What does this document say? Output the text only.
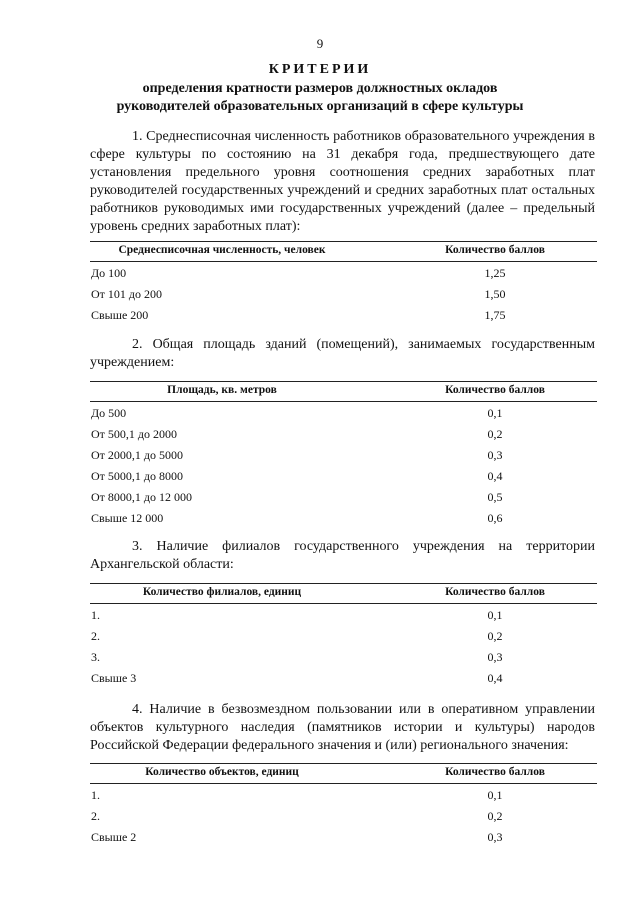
9
КРИТЕРИИ
определения кратности размеров должностных окладов
руководителей образовательных организаций в сфере культуры
1. Среднесписочная численность работников образовательного учреждения в сфере культуры по состоянию на 31 декабря года, предшествующего дате установления предельного уровня соотношения средних заработных плат руководителей государственных учреждений и средних заработных плат остальных работников руководимых ими государственных учреждений (далее – предельный уровень средних заработных плат):
Среднесписочная численность, человек	Количество баллов
До 100	1,25
От 101 до 200	1,50
Свыше 200	1,75
2. Общая площадь зданий (помещений), занимаемых государственным учреждением:
Площадь, кв. метров	Количество баллов
До 500	0,1
От 500,1 до 2000	0,2
От 2000,1 до 5000	0,3
От 5000,1 до 8000	0,4
От 8000,1 до 12 000	0,5
Свыше 12 000	0,6
3. Наличие филиалов государственного учреждения на территории Архангельской области:
Количество филиалов, единиц	Количество баллов
1.	0,1
2.	0,2
3.	0,3
Свыше 3	0,4
4. Наличие в безвозмездном пользовании или в оперативном управлении объектов культурного наследия (памятников истории и культуры) народов Российской Федерации федерального значения и (или) регионального значения:
Количество объектов, единиц	Количество баллов
1.	0,1
2.	0,2
Свыше 2	0,3
